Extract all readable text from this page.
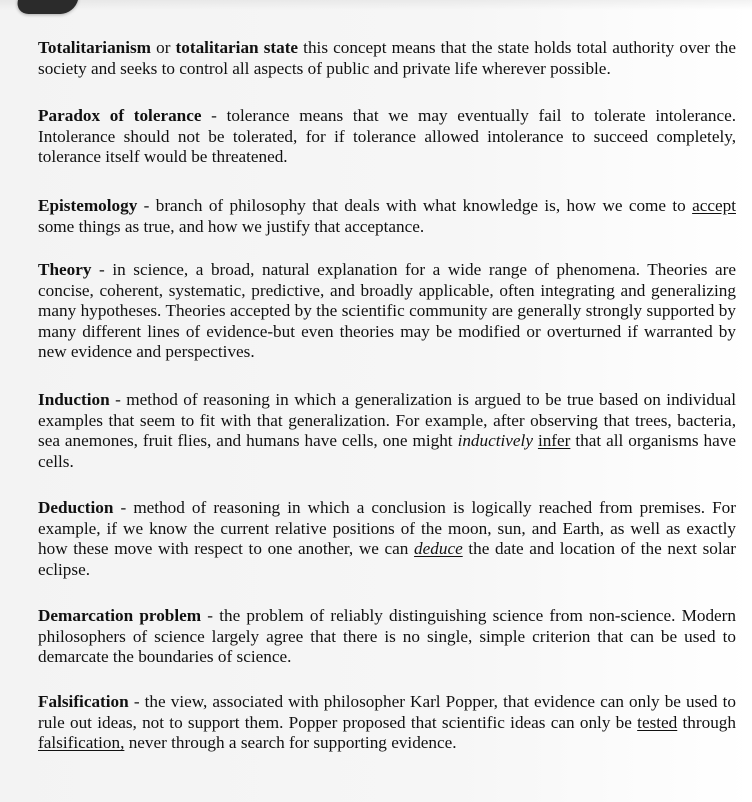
Totalitarianism or totalitarian state this concept means that the state holds total authority over the society and seeks to control all aspects of public and private life wherever possible.

Paradox of tolerance - tolerance means that we may eventually fail to tolerate intolerance. Intolerance should not be tolerated, for if tolerance allowed intolerance to succeed completely, tolerance itself would be threatened.

Epistemology - branch of philosophy that deals with what knowledge is, how we come to accept some things as true, and how we justify that acceptance.

Theory - in science, a broad, natural explanation for a wide range of phenomena. Theories are concise, coherent, systematic, predictive, and broadly applicable, often integrating and generalizing many hypotheses. Theories accepted by the scientific community are generally strongly supported by many different lines of evidence-but even theories may be modified or overturned if warranted by new evidence and perspectives.

Induction - method of reasoning in which a generalization is argued to be true based on individual examples that seem to fit with that generalization. For example, after observing that trees, bacteria, sea anemones, fruit flies, and humans have cells, one might inductively infer that all organisms have cells.

Deduction - method of reasoning in which a conclusion is logically reached from premises. For example, if we know the current relative positions of the moon, sun, and Earth, as well as exactly how these move with respect to one another, we can deduce the date and location of the next solar eclipse.

Demarcation problem - the problem of reliably distinguishing science from non-science. Modern philosophers of science largely agree that there is no single, simple criterion that can be used to demarcate the boundaries of science.

Falsification - the view, associated with philosopher Karl Popper, that evidence can only be used to rule out ideas, not to support them. Popper proposed that scientific ideas can only be tested through falsification, never through a search for supporting evidence.
